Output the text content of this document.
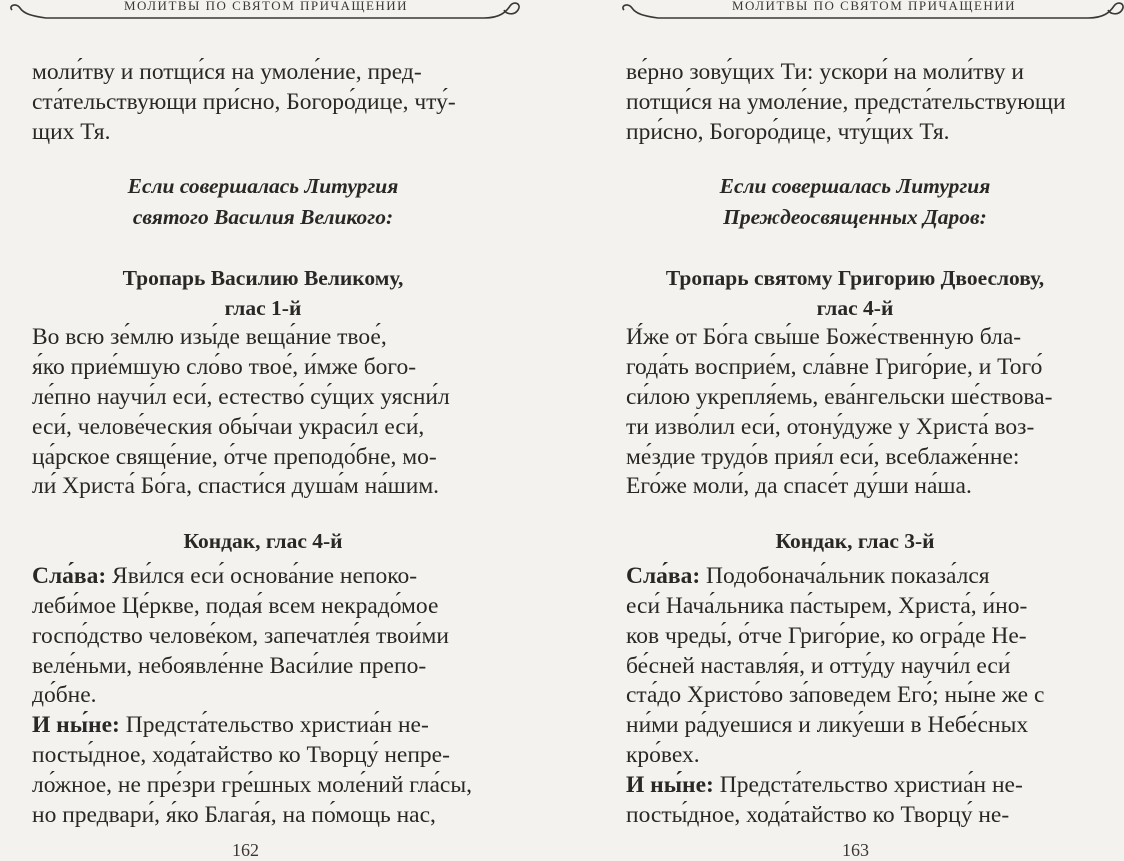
МОЛИТВЫ ПО СВЯТОМ ПРИЧАЩЕНИИ

моли́тву и потщи́ся на умоле́ние, пред-
ста́тельствующи при́сно, Богоро́дице, чту́-
щих Тя.

Если совершалась Литургия
святого Василия Великого:

Тропарь Василию Великому,
глас 1-й

Во всю зе́млю изы́де веща́ние твое́,
я́ко прие́мшую сло́во твое́, и́мже бого-
ле́пно научи́л еси́, естество́ су́щих уясни́л
еси́, челове́ческия обы́чаи украси́л еси́,
ца́рское свяще́ние, о́тче преподо́бне, мо-
ли́ Христа́ Бо́га, спасти́ся душа́м на́шим.

Кондак, глас 4-й

Сла́ва: Яви́лся еси́ основа́ние непоко-
леби́мое Це́ркве, подая́ всем некрадо́мое
госпо́дство челове́ком, запечатле́я твои́ми
веле́ньми, небоявле́нне Васи́лие препо-
до́бне.

И ны́не: Предста́тельство христиа́н не-
посты́дное, хода́тайство ко Творцу́ непре-
ло́жное, не пре́зри гре́шных моле́ний гла́сы,
но предвари́, я́ко Блага́я, на по́мощь нас,

162
МОЛИТВЫ ПО СВЯТОМ ПРИЧАЩЕНИИ

ве́рно зову́щих Ти: ускори́ на моли́тву и
потщи́ся на умоле́ние, предста́тельствующи
при́сно, Богоро́дице, чту́щих Тя.

Если совершалась Литургия
Преждеосвященных Даров:

Тропарь святому Григорию Двоеслову,
глас 4-й

И́же от Бо́га свы́ше Боже́ственную бла-
года́ть восприе́м, сла́вне Григо́рие, и Того́
си́лою укрепля́емь, ева́нгельски ше́ствова-
ти изво́лил еси́, отону́дуже у Христа́ воз-
ме́здие трудо́в прия́л еси́, всеблаже́нне:
Его́же моли́, да спасе́т ду́ши на́ша.

Кондак, глас 3-й

Сла́ва: Подобонача́льник показа́лся
еси́ Нача́льника па́стырем, Христа́, и́но-
ков чреды́, о́тче Григо́рие, ко огра́де Не-
бе́сней наставля́я, и отту́ду научи́л еси́
ста́до Христо́во за́поведем Его́; ны́не же с
ни́ми ра́дуешися и лику́еши в Небе́сных
кро́вех.

И ны́не: Предста́тельство христиа́н не-
посты́дное, хода́тайство ко Творцу́ не-

163
